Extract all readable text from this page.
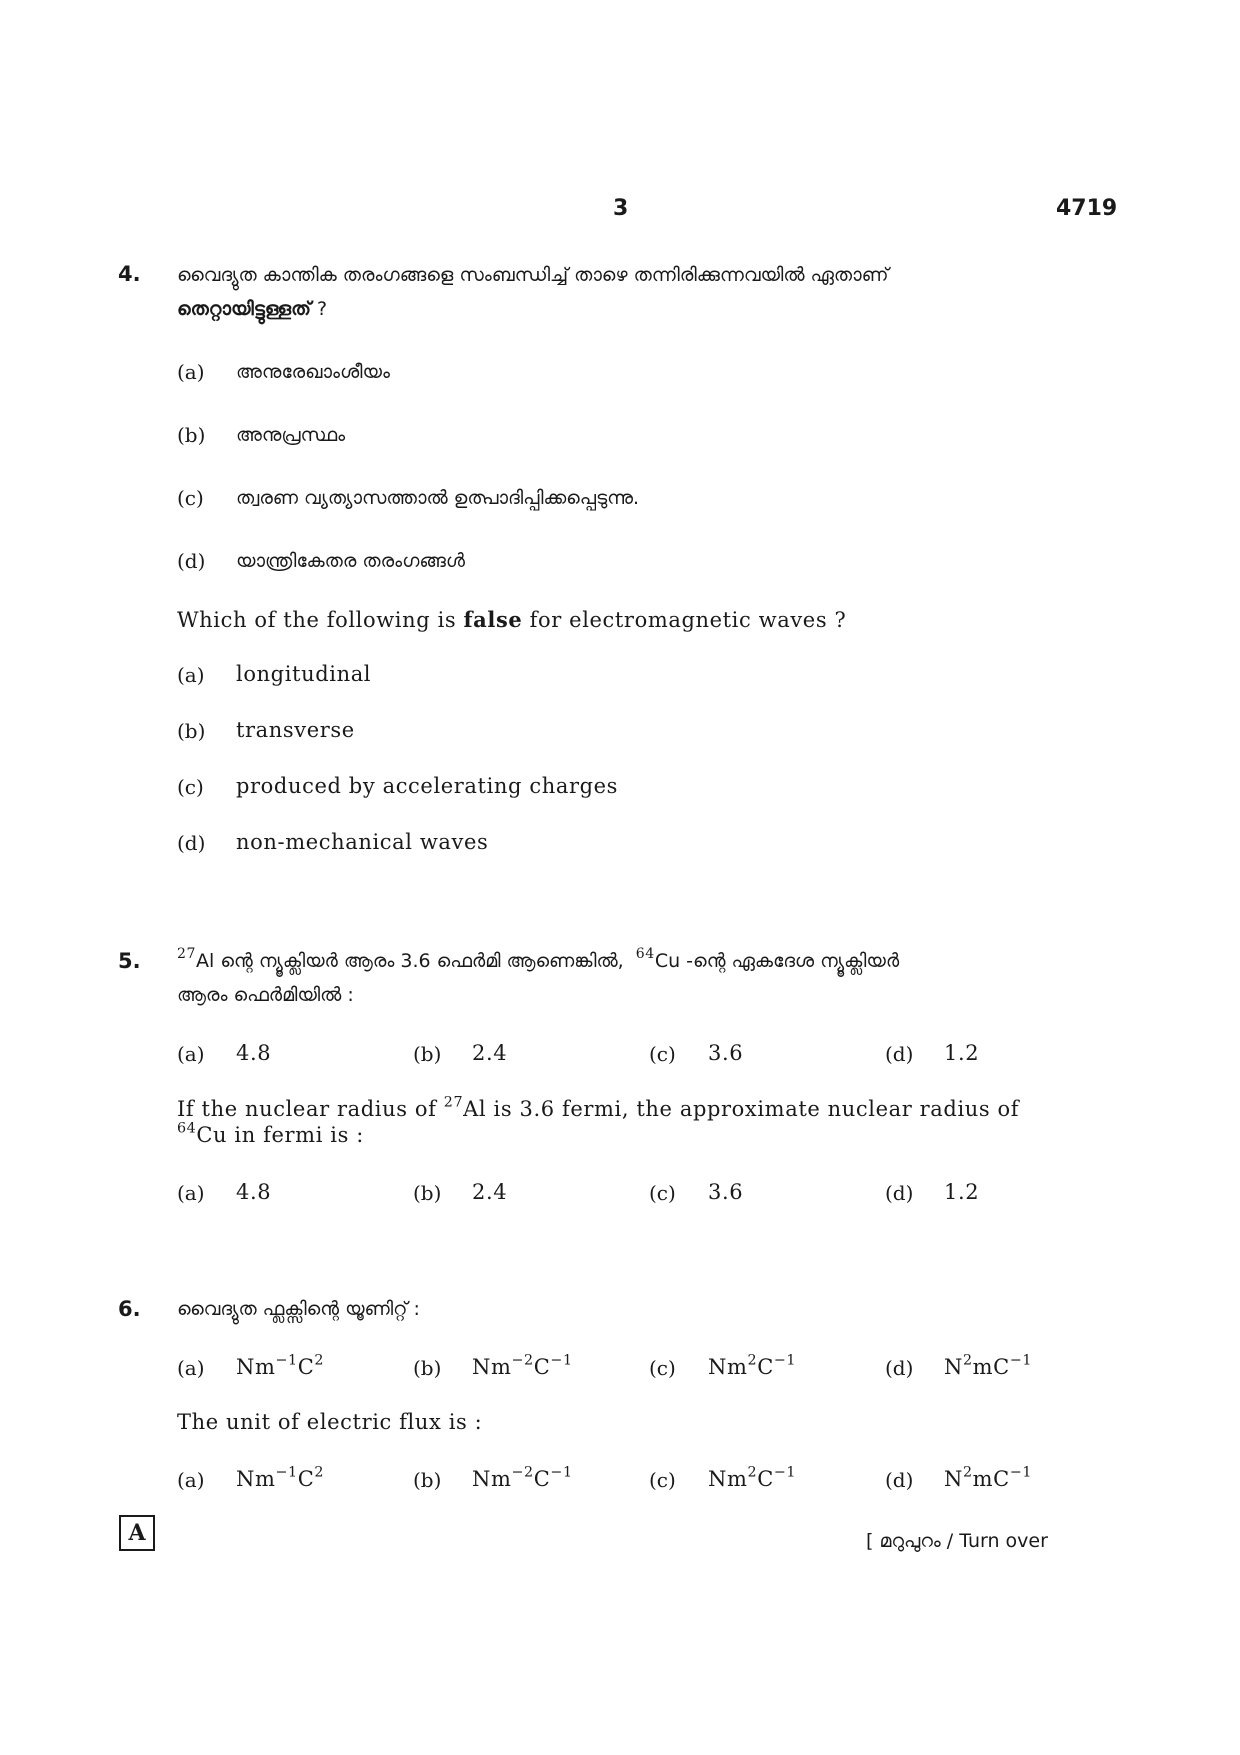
3	4719
4. വൈദ്യുത കാന്തിക തരംഗങ്ങളെ സംബന്ധിച്ച് താഴെ തന്നിരിക്കുന്നവയിൽ ഏതാണ്
തെറ്റായിട്ടുള്ളത് ?
(a) അനുരേഖാംശീയം
(b) അനുപ്രസ്ഥം
(c) ത്വരണ വ്യത്യാസത്താൽ ഉത്പാദിപ്പിക്കപ്പെടുന്നു.
(d) യാന്ത്രികേതര തരംഗങ്ങൾ
Which of the following is false for electromagnetic waves ?
(a) longitudinal
(b) transverse
(c) produced by accelerating charges
(d) non-mechanical waves
5.	$^{27}$Al ന്റെ ന്യൂക്ലിയർ ആരം 3.6 ഫെർമി ആണെങ്കിൽ, $^{64}$Cu -ന്റെ ഏകദേശ ന്യൂക്ലിയർ
ആരം ഫെർമിയിൽ :
(a) 4.8	(b) 2.4	(c) 3.6	(d) 1.2
If the nuclear radius of $^{27}$Al is 3.6 fermi, the approximate nuclear radius of
$^{64}$Cu in fermi is :
(a) 4.8	(b) 2.4	(c) 3.6	(d) 1.2
6. വൈദ്യുത ഫ്ലക്സിന്റെ യൂണിറ്റ് :
(a) $Nm^{-1}C^2$	(b) $Nm^{-2}C^{-1}$	(c) $Nm^2C^{-1}$	(d) $N^2mC^{-1}$
The unit of electric flux is :
(a) $Nm^{-1}C^2$	(b) $Nm^{-2}C^{-1}$	(c) $Nm^2C^{-1}$	(d) $N^2mC^{-1}$
A	[ മറുപുറം / Turn over
